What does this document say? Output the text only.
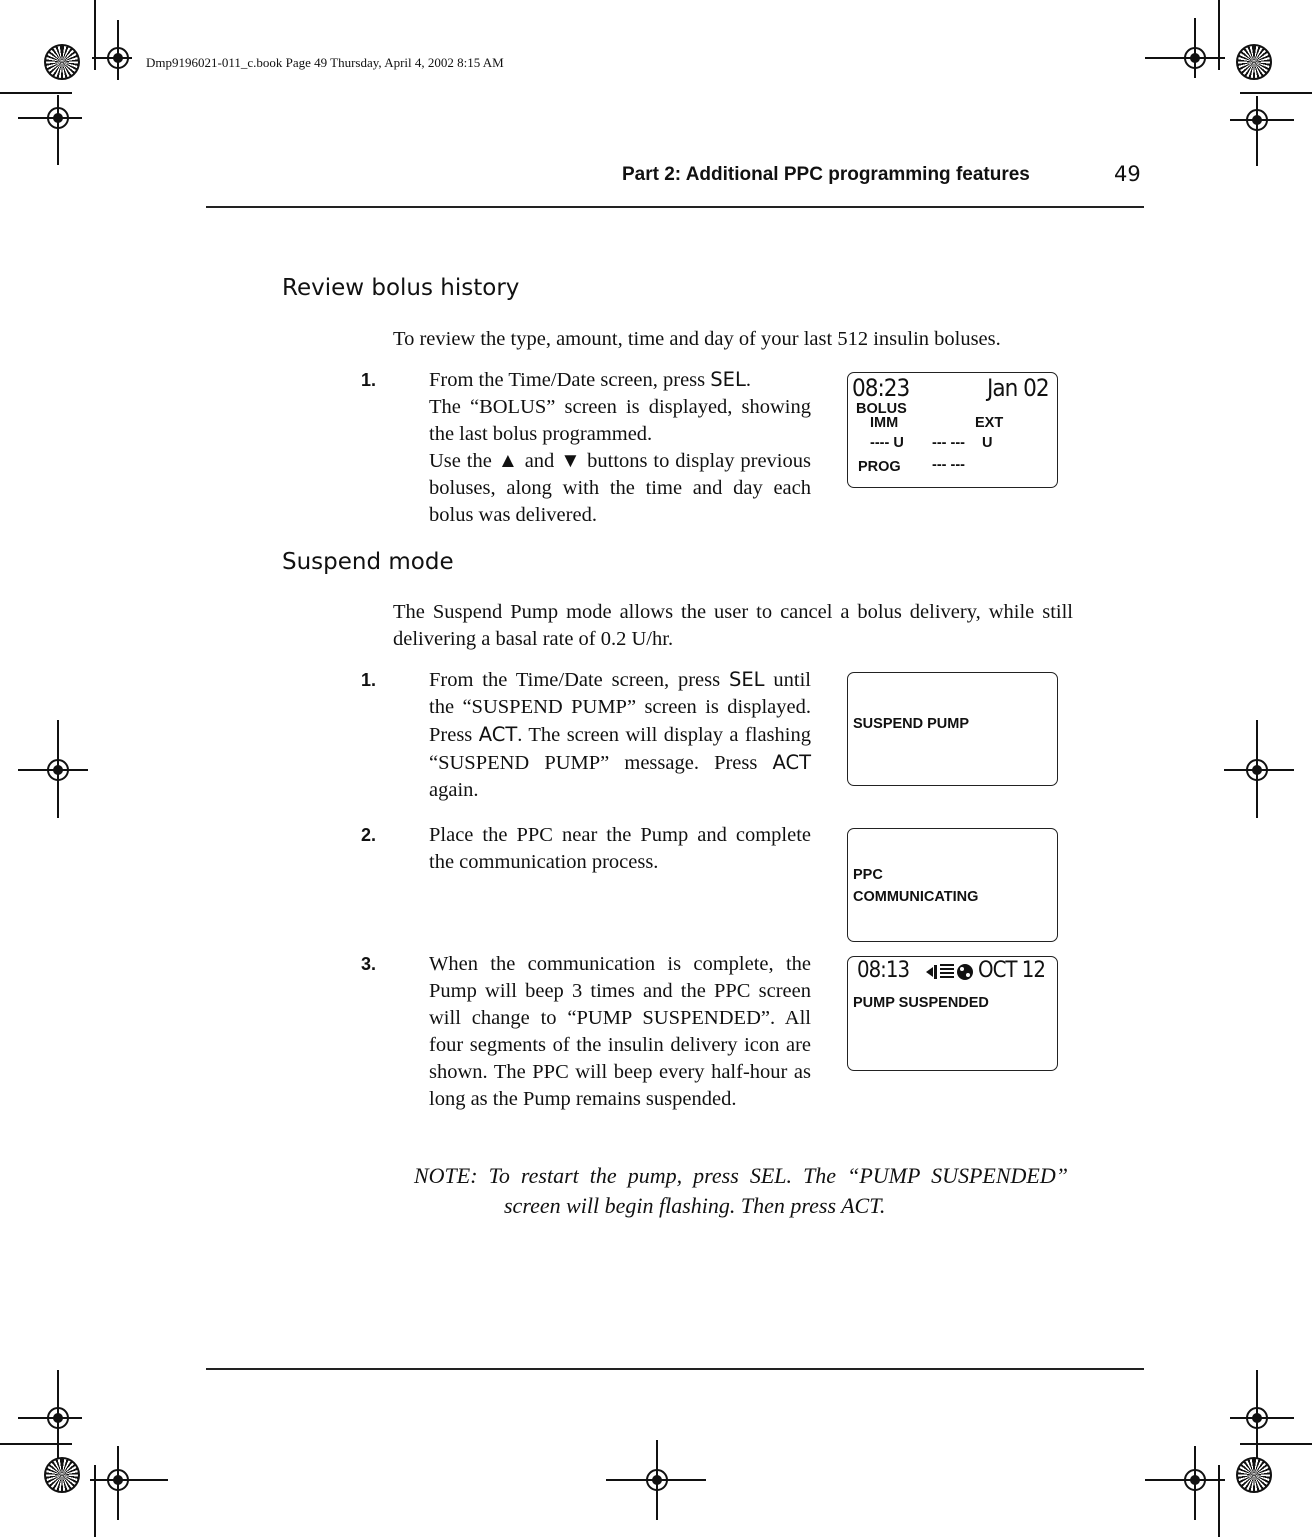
Dmp9196021-011_c.book Page 49 Thursday, April 4, 2002 8:15 AM
Part 2: Additional PPC programming features	49
Review bolus history
To review the type, amount, time and day of your last 512 insulin boluses.

1.	From the Time/Date screen, press SEL.

The “BOLUS” screen is displayed, showing the last bolus programmed.

Use the ▲ and ▼ buttons to display previous boluses, along with the time and day each bolus was delivered.

08:23	Jan 02
BOLUS
IMM	EXT
---- U --- --- U
PROG --- ---
Suspend mode
The Suspend Pump mode allows the user to cancel a bolus delivery, while still delivering a basal rate of 0.2 U/hr.

1.	From the Time/Date screen, press SEL until the “SUSPEND PUMP” screen is displayed. Press ACT. The screen will display a flashing “SUSPEND PUMP” message. Press ACT again.

SUSPEND PUMP

2.	Place the PPC near the Pump and complete the communication process.

PPC
COMMUNICATING

3.	When the communication is complete, the Pump will beep 3 times and the PPC screen will change to “PUMP SUSPENDED”. All four segments of the insulin delivery icon are shown. The PPC will beep every half-hour as long as the Pump remains suspended.

08:13	OCT 12
PUMP SUSPENDED
NOTE: To restart the pump, press SEL. The “PUMP SUSPENDED” screen will begin flashing. Then press ACT.
